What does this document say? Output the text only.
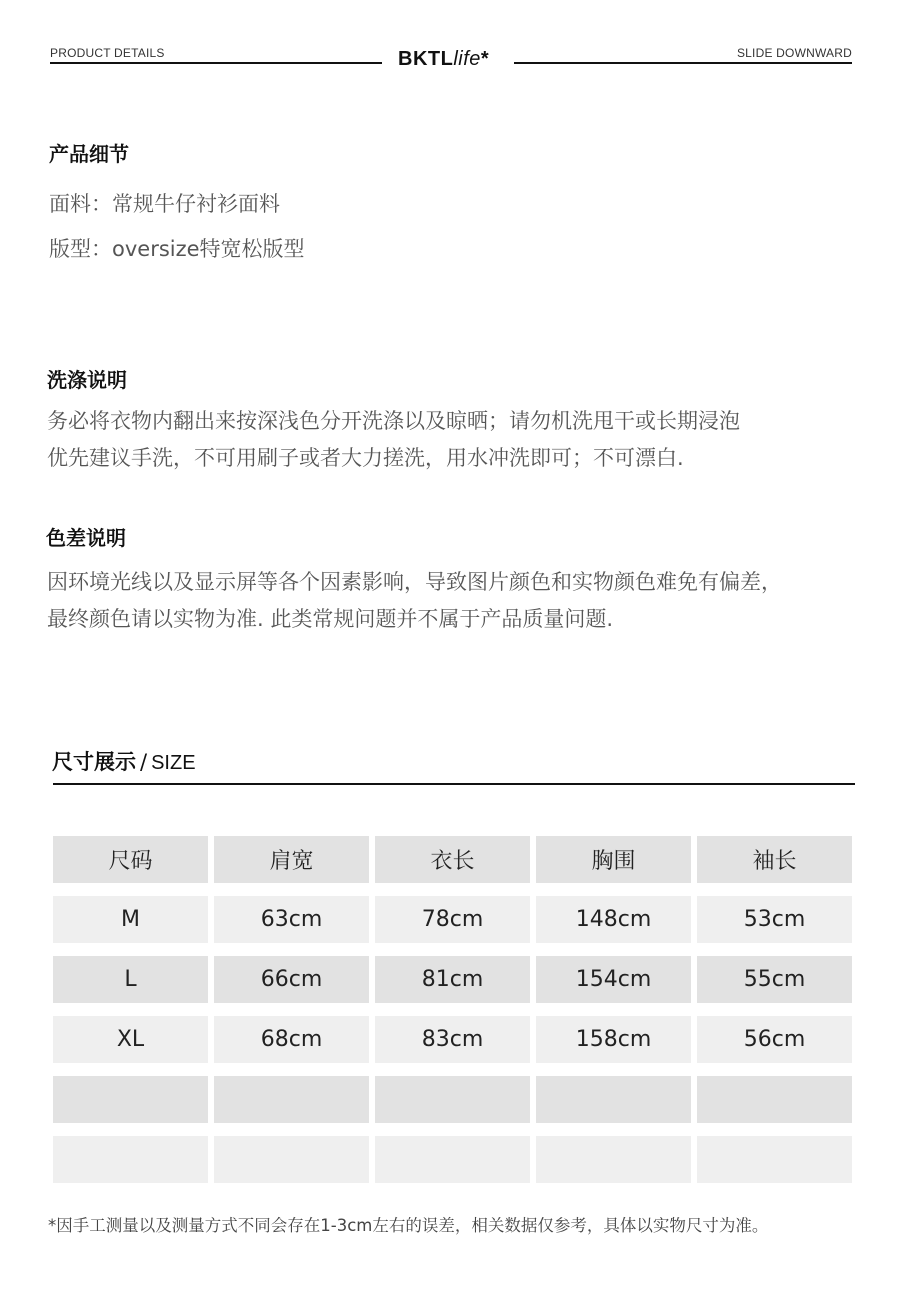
PRODUCT DETAILS	BKTLlife*	SLIDE DOWNWARD
产品细节
面料：常规牛仔衬衫面料
版型：oversize特宽松版型
洗涤说明
务必将衣物内翻出来按深浅色分开洗涤以及晾晒；请勿机洗甩干或长期浸泡
优先建议手洗，不可用刷子或者大力搓洗，用水冲洗即可；不可漂白.
色差说明
因环境光线以及显示屏等各个因素影响，导致图片颜色和实物颜色难免有偏差，
最终颜色请以实物为准. 此类常规问题并不属于产品质量问题.
尺寸展示 / SIZE
尺码	肩宽	衣长	胸围	袖长
M	63cm	78cm	148cm	53cm
L	66cm	81cm	154cm	55cm
XL	68cm	83cm	158cm	56cm
*因手工测量以及测量方式不同会存在1-3cm左右的误差，相关数据仅参考，具体以实物尺寸为准。
